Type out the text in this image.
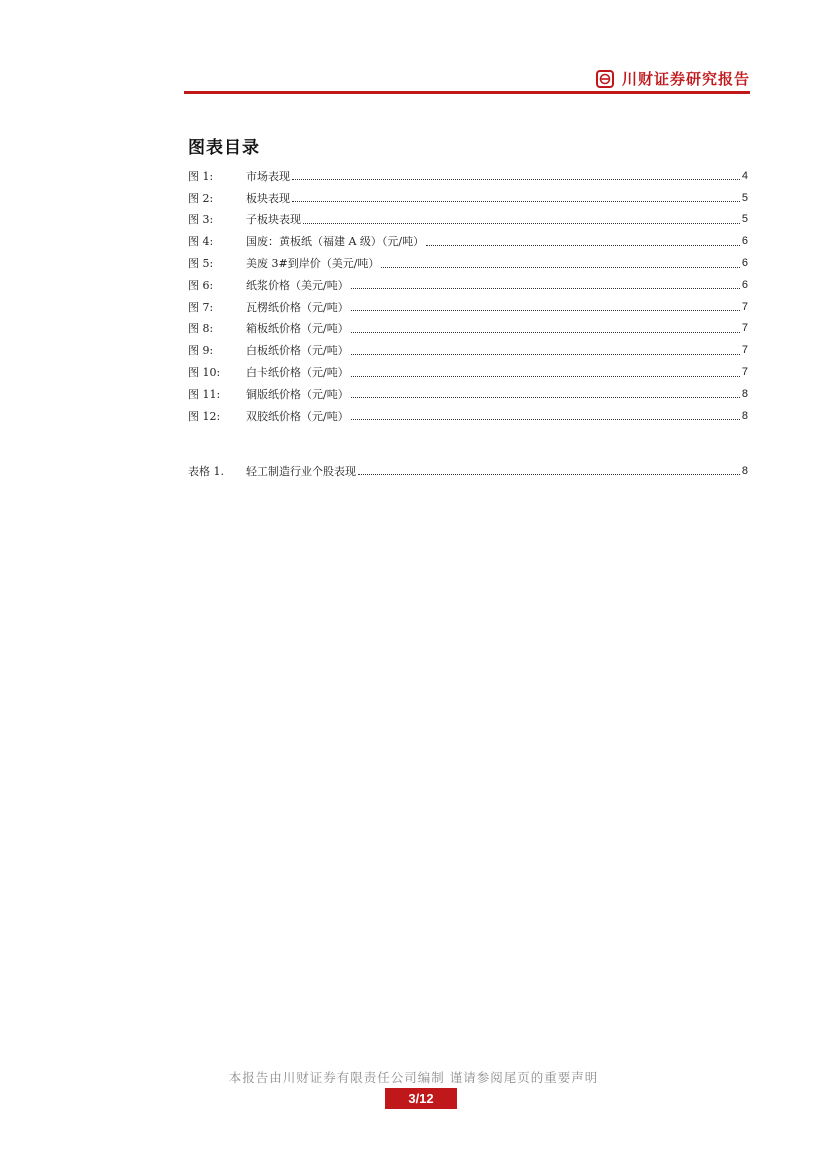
川财证券研究报告
图表目录
图 1:	市场表现	4
图 2:	板块表现	5
图 3:	子板块表现	5
图 4:	国废：黄板纸（福建 A 级）（元/吨）	6
图 5:	美废 3#到岸价（美元/吨）	6
图 6:	纸浆价格（美元/吨）	6
图 7:	瓦楞纸价格（元/吨）	7
图 8:	箱板纸价格（元/吨）	7
图 9:	白板纸价格（元/吨）	7
图 10:	白卡纸价格（元/吨）	7
图 11:	铜版纸价格（元/吨）	8
图 12:	双胶纸价格（元/吨）	8
表格 1.	轻工制造行业个股表现	8
本报告由川财证券有限责任公司编制 谨请参阅尾页的重要声明
3/12
